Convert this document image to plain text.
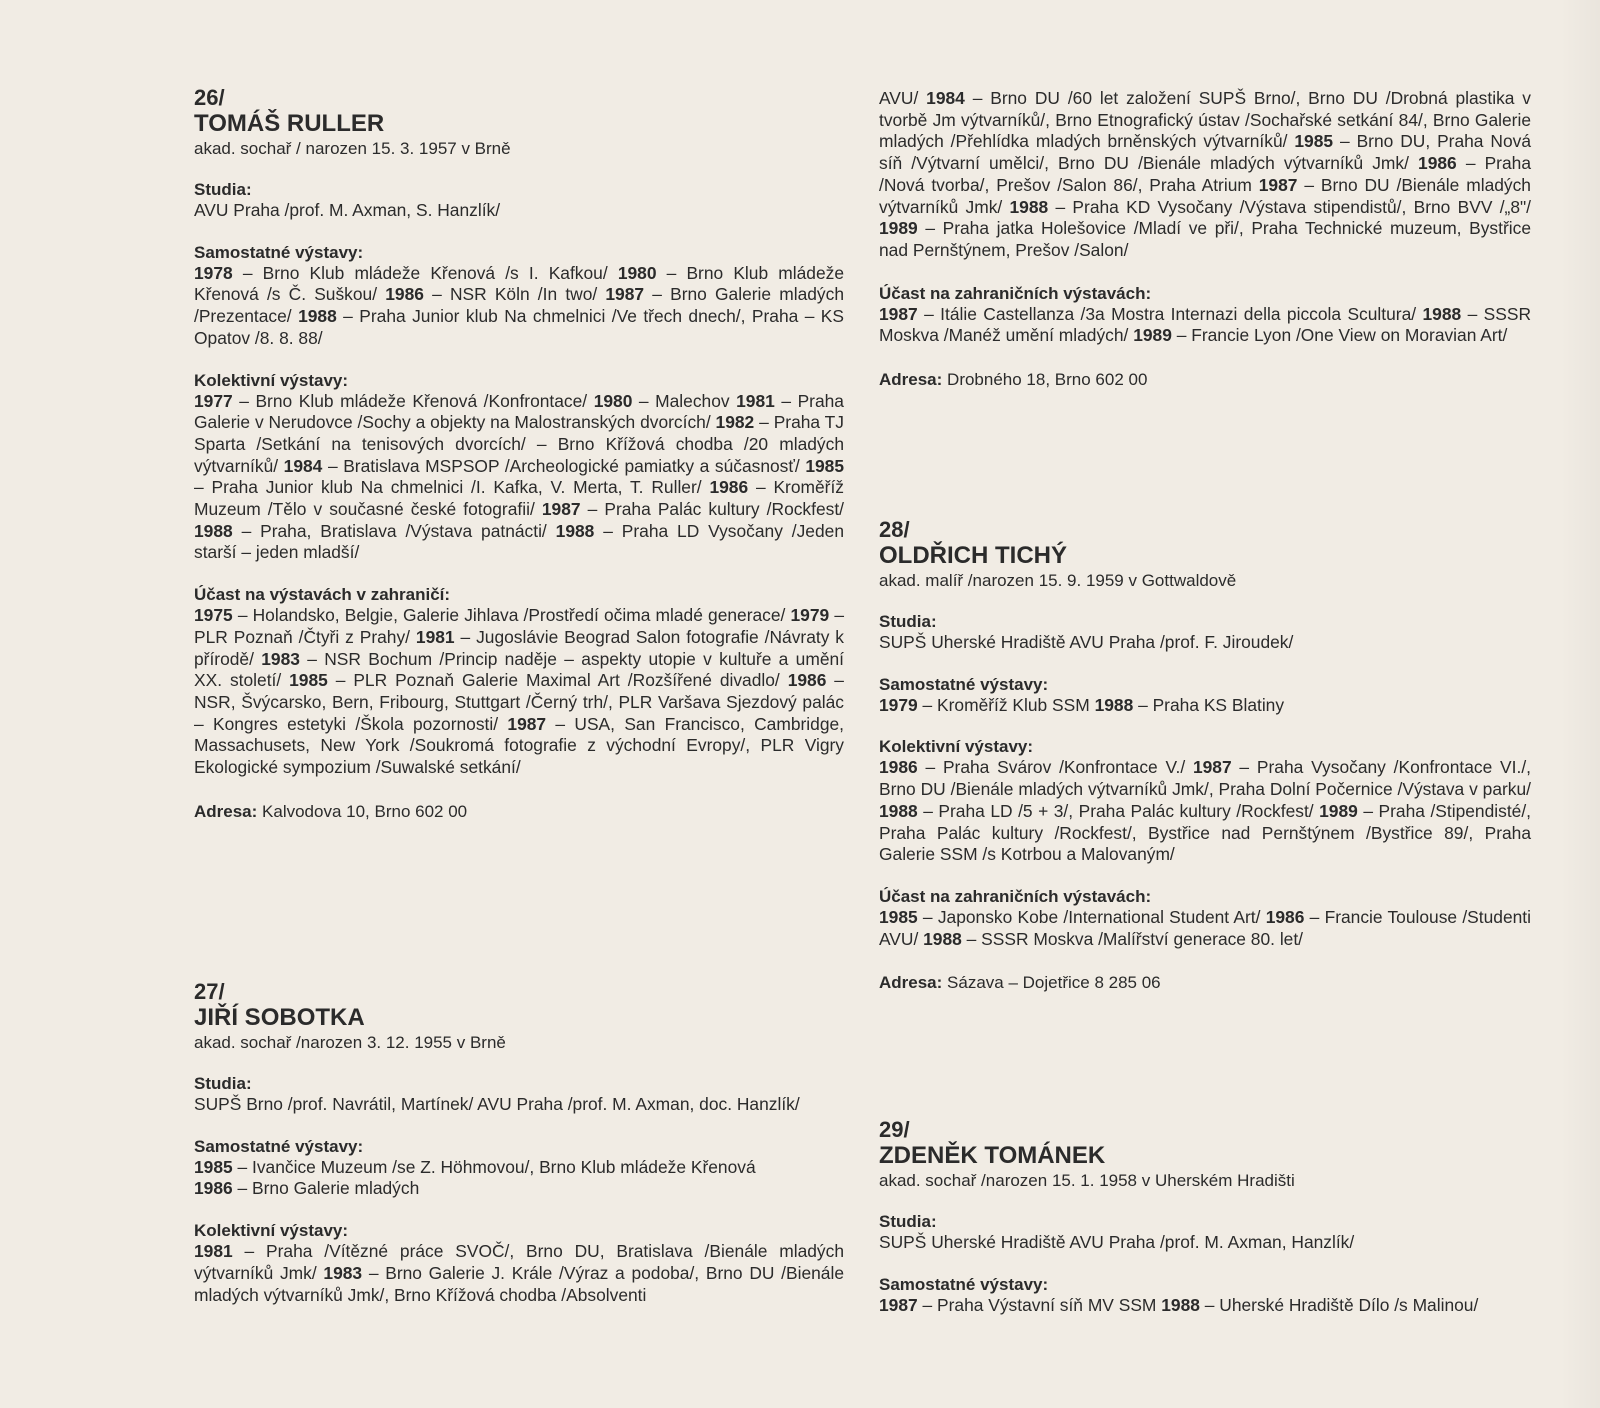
26/
TOMÁŠ RULLER
akad. sochař / narozen 15. 3. 1957 v Brně
Studia:

AVU Praha /prof. M. Axman, S. Hanzlík/

Samostatné výstavy:

1978 – Brno Klub mládeže Křenová /s I. Kafkou/ 1980 – Brno Klub mládeže Křenová /s Č. Suškou/ 1986 – NSR Köln /In two/ 1987 – Brno Galerie mladých /Prezentace/ 1988 – Praha Junior klub Na chmelnici /Ve třech dnech/, Praha – KS Opatov /8. 8. 88/

Kolektivní výstavy:

1977 – Brno Klub mládeže Křenová /Konfrontace/ 1980 – Malechov 1981 – Praha Galerie v Nerudovce /Sochy a objekty na Malostranských dvorcích/ 1982 – Praha TJ Sparta /Setkání na tenisových dvorcích/ – Brno Křížová chodba /20 mladých výtvarníků/ 1984 – Bratislava MSPSOP /Archeologické pamiatky a súčasnosť/ 1985 – Praha Junior klub Na chmelnici /I. Kafka, V. Merta, T. Ruller/ 1986 – Kroměříž Muzeum /Tělo v současné české fotografii/ 1987 – Praha Palác kultury /Rockfest/ 1988 – Praha, Bratislava /Výstava patnácti/ 1988 – Praha LD Vysočany /Jeden starší – jeden mladší/

Účast na výstavách v zahraničí:

1975 – Holandsko, Belgie, Galerie Jihlava /Prostředí očima mladé generace/ 1979 – PLR Poznaň /Čtyři z Prahy/ 1981 – Jugoslávie Beograd Salon fotografie /Návraty k přírodě/ 1983 – NSR Bochum /Princip naděje – aspekty utopie v kultuře a umění XX. století/ 1985 – PLR Poznaň Galerie Maximal Art /Rozšířené divadlo/ 1986 – NSR, Švýcarsko, Bern, Fribourg, Stuttgart /Černý trh/, PLR Varšava Sjezdový palác – Kongres estetyki /Škola pozornosti/ 1987 – USA, San Francisco, Cambridge, Massachusets, New York /Soukromá fotografie z východní Evropy/, PLR Vigry Ekologické sympozium /Suwalské setkání/

Adresa: Kalvodova 10, Brno 602 00
27/
JIŘÍ SOBOTKA
akad. sochař /narozen 3. 12. 1955 v Brně
Studia:

SUPŠ Brno /prof. Navrátil, Martínek/ AVU Praha /prof. M. Axman, doc. Hanzlík/

Samostatné výstavy:

1985 – Ivančice Muzeum /se Z. Höhmovou/, Brno Klub mládeže Křenová

1986 – Brno Galerie mladých

Kolektivní výstavy:

1981 – Praha /Vítězné práce SVOČ/, Brno DU, Bratislava /Bienále mladých výtvarníků Jmk/ 1983 – Brno Galerie J. Krále /Výraz a podoba/, Brno DU /Bienále mladých výtvarníků Jmk/, Brno Křížová chodba /Absolventi

AVU/ 1984 – Brno DU /60 let založení SUPŠ Brno/, Brno DU /Drobná plastika v tvorbě Jm výtvarníků/, Brno Etnografický ústav /Sochařské setkání 84/, Brno Galerie mladých /Přehlídka mladých brněnských výtvarníků/ 1985 – Brno DU, Praha Nová síň /Výtvarní umělci/, Brno DU /Bienále mladých výtvarníků Jmk/ 1986 – Praha /Nová tvorba/, Prešov /Salon 86/, Praha Atrium 1987 – Brno DU /Bienále mladých výtvarníků Jmk/ 1988 – Praha KD Vysočany /Výstava stipendistů/, Brno BVV /„8"/ 1989 – Praha jatka Holešovice /Mladí ve při/, Praha Technické muzeum, Bystřice nad Pernštýnem, Prešov /Salon/

Účast na zahraničních výstavách:

1987 – Itálie Castellanza /3a Mostra Internazi della piccola Scultura/ 1988 – SSSR Moskva /Manéž umění mladých/ 1989 – Francie Lyon /One View on Moravian Art/

Adresa: Drobného 18, Brno 602 00
28/
OLDŘICH TICHÝ
akad. malíř /narozen 15. 9. 1959 v Gottwaldově
Studia:

SUPŠ Uherské Hradiště AVU Praha /prof. F. Jiroudek/

Samostatné výstavy:

1979 – Kroměříž Klub SSM 1988 – Praha KS Blatiny

Kolektivní výstavy:

1986 – Praha Svárov /Konfrontace V./ 1987 – Praha Vysočany /Konfrontace VI./, Brno DU /Bienále mladých výtvarníků Jmk/, Praha Dolní Počernice /Výstava v parku/ 1988 – Praha LD /5 + 3/, Praha Palác kultury /Rockfest/ 1989 – Praha /Stipendisté/, Praha Palác kultury /Rockfest/, Bystřice nad Pernštýnem /Bystřice 89/, Praha Galerie SSM /s Kotrbou a Malovaným/

Účast na zahraničních výstavách:

1985 – Japonsko Kobe /International Student Art/ 1986 – Francie Toulouse /Studenti AVU/ 1988 – SSSR Moskva /Malířství generace 80. let/

Adresa: Sázava – Dojetřice 8 285 06
29/
ZDENĚK TOMÁNEK
akad. sochař /narozen 15. 1. 1958 v Uherském Hradišti
Studia:

SUPŠ Uherské Hradiště AVU Praha /prof. M. Axman, Hanzlík/

Samostatné výstavy:

1987 – Praha Výstavní síň MV SSM 1988 – Uherské Hradiště Dílo /s Malinou/
